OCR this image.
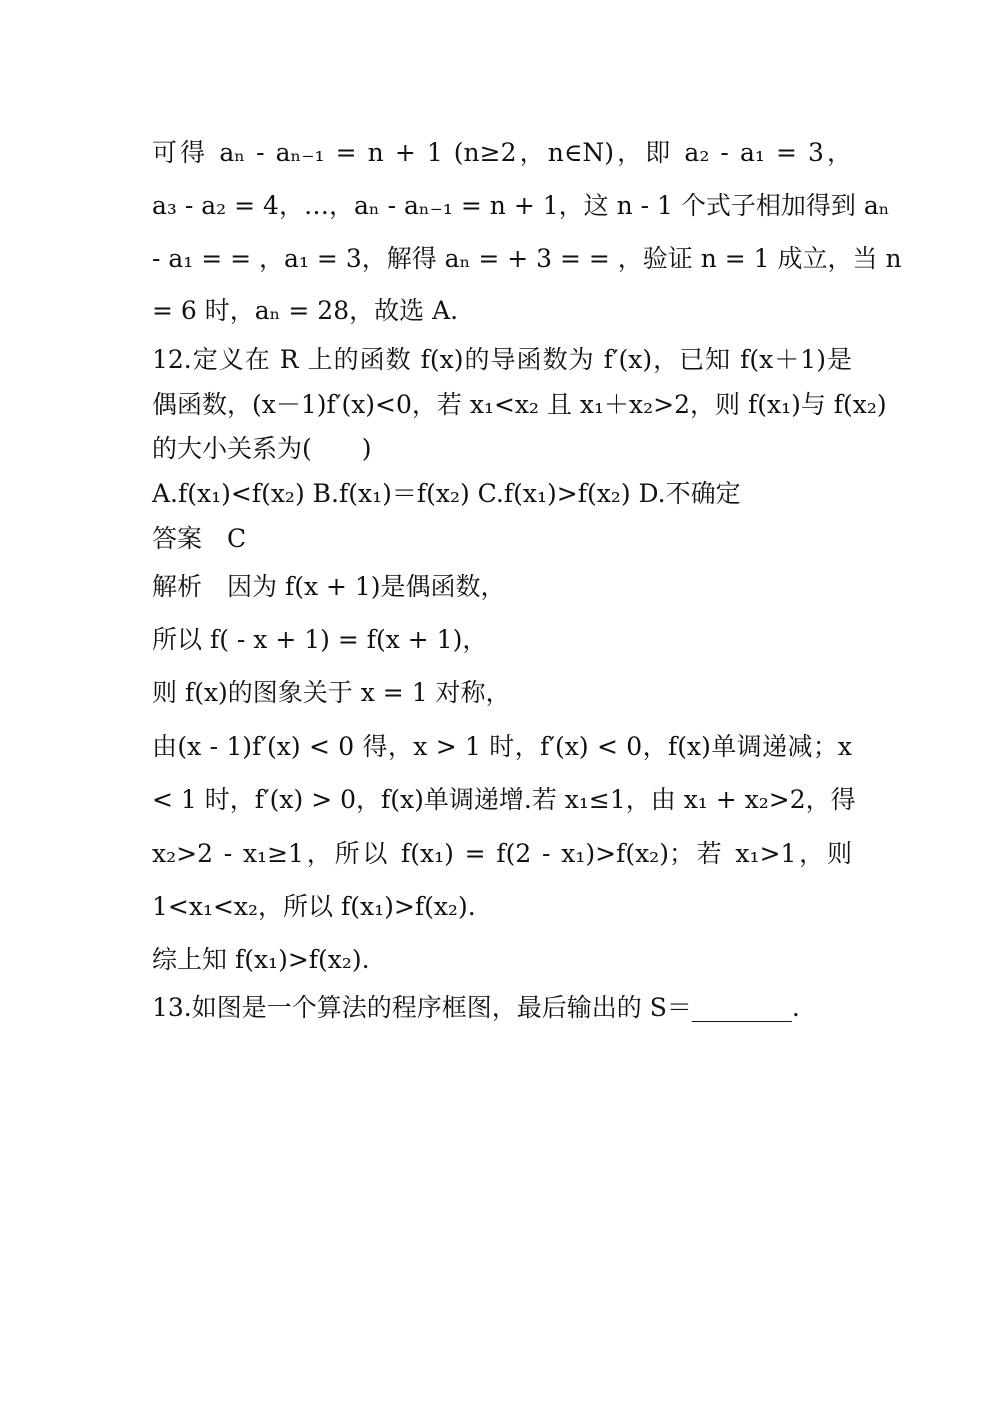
可得 aₙ - aₙ₋₁ = n + 1 (n≥2，n∈N)，即 a₂ - a₁ = 3，
a₃ - a₂ = 4，…，aₙ - aₙ₋₁ = n + 1，这 n - 1 个式子相加得到 aₙ
- a₁ = = ，a₁ = 3，解得 aₙ = + 3 = = ，验证 n = 1 成立，当 n
= 6 时，aₙ = 28，故选 A.
12.定义在 R 上的函数 f(x)的导函数为 f′(x)，已知 f(x＋1)是
偶函数，(x－1)f′(x)<0，若 x₁<x₂ 且 x₁＋x₂>2，则 f(x₁)与 f(x₂)
的大小关系为(　　)
A.f(x₁)<f(x₂) B.f(x₁)＝f(x₂) C.f(x₁)>f(x₂) D.不确定
答案　C
解析　因为 f(x + 1)是偶函数，
所以 f( - x + 1) = f(x + 1)，
则 f(x)的图象关于 x = 1 对称，
由(x - 1)f′(x) < 0 得，x > 1 时，f′(x) < 0，f(x)单调递减；x
< 1 时，f′(x) > 0，f(x)单调递增.若 x₁≤1，由 x₁ + x₂>2，得
x₂>2 - x₁≥1，所以 f(x₁) = f(2 - x₁)>f(x₂)；若 x₁>1，则
1<x₁<x₂，所以 f(x₁)>f(x₂).
综上知 f(x₁)>f(x₂).
13.如图是一个算法的程序框图，最后输出的 S＝________.
